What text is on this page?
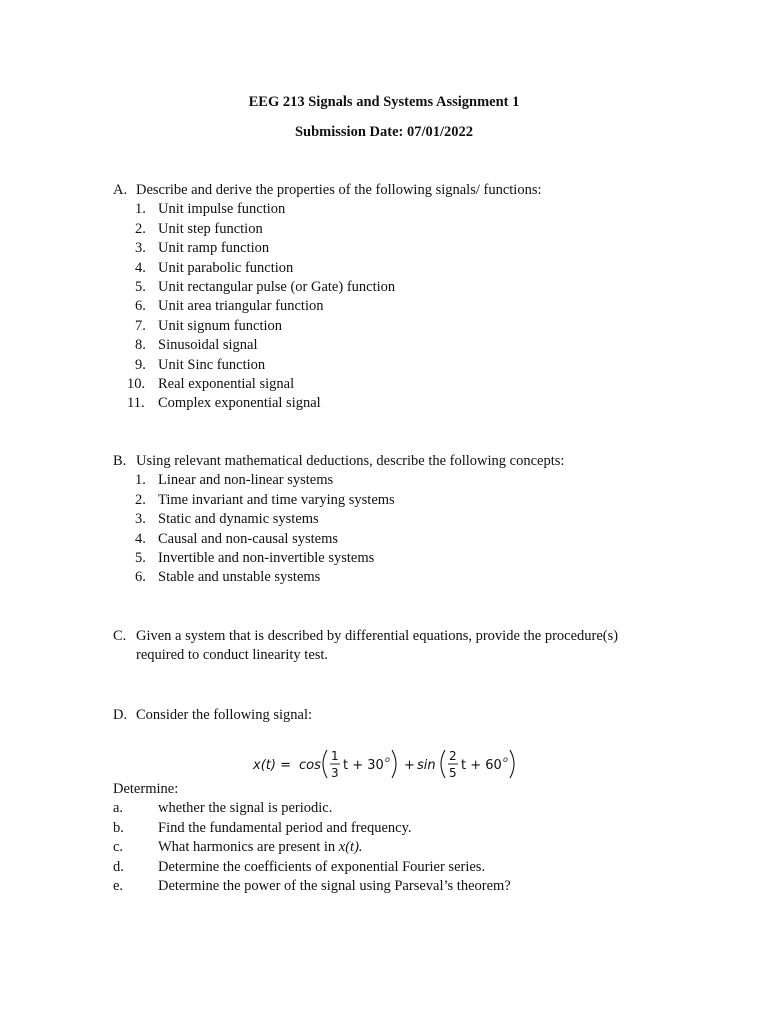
EEG 213 Signals and Systems Assignment 1
Submission Date: 07/01/2022
A. Describe and derive the properties of the following signals/ functions:
1. Unit impulse function
2. Unit step function
3. Unit ramp function
4. Unit parabolic function
5. Unit rectangular pulse (or Gate) function
6. Unit area triangular function
7. Unit signum function
8. Sinusoidal signal
9. Unit Sinc function
10. Real exponential signal
11. Complex exponential signal
B. Using relevant mathematical deductions, describe the following concepts:
1. Linear and non-linear systems
2. Time invariant and time varying systems
3. Static and dynamic systems
4. Causal and non-causal systems
5. Invertible and non-invertible systems
6. Stable and unstable systems
C. Given a system that is described by differential equations, provide the procedure(s)
required to conduct linearity test.
D. Consider the following signal:
x(t) = cos
1
3 t + 30 o + sin
2
5 t + 60 o
Determine:
a.	whether the signal is periodic.
b.	Find the fundamental period and frequency.
c.	What harmonics are present in x(t).
d.	Determine the coefficients of exponential Fourier series.
e.	Determine the power of the signal using Parseval’s theorem?
